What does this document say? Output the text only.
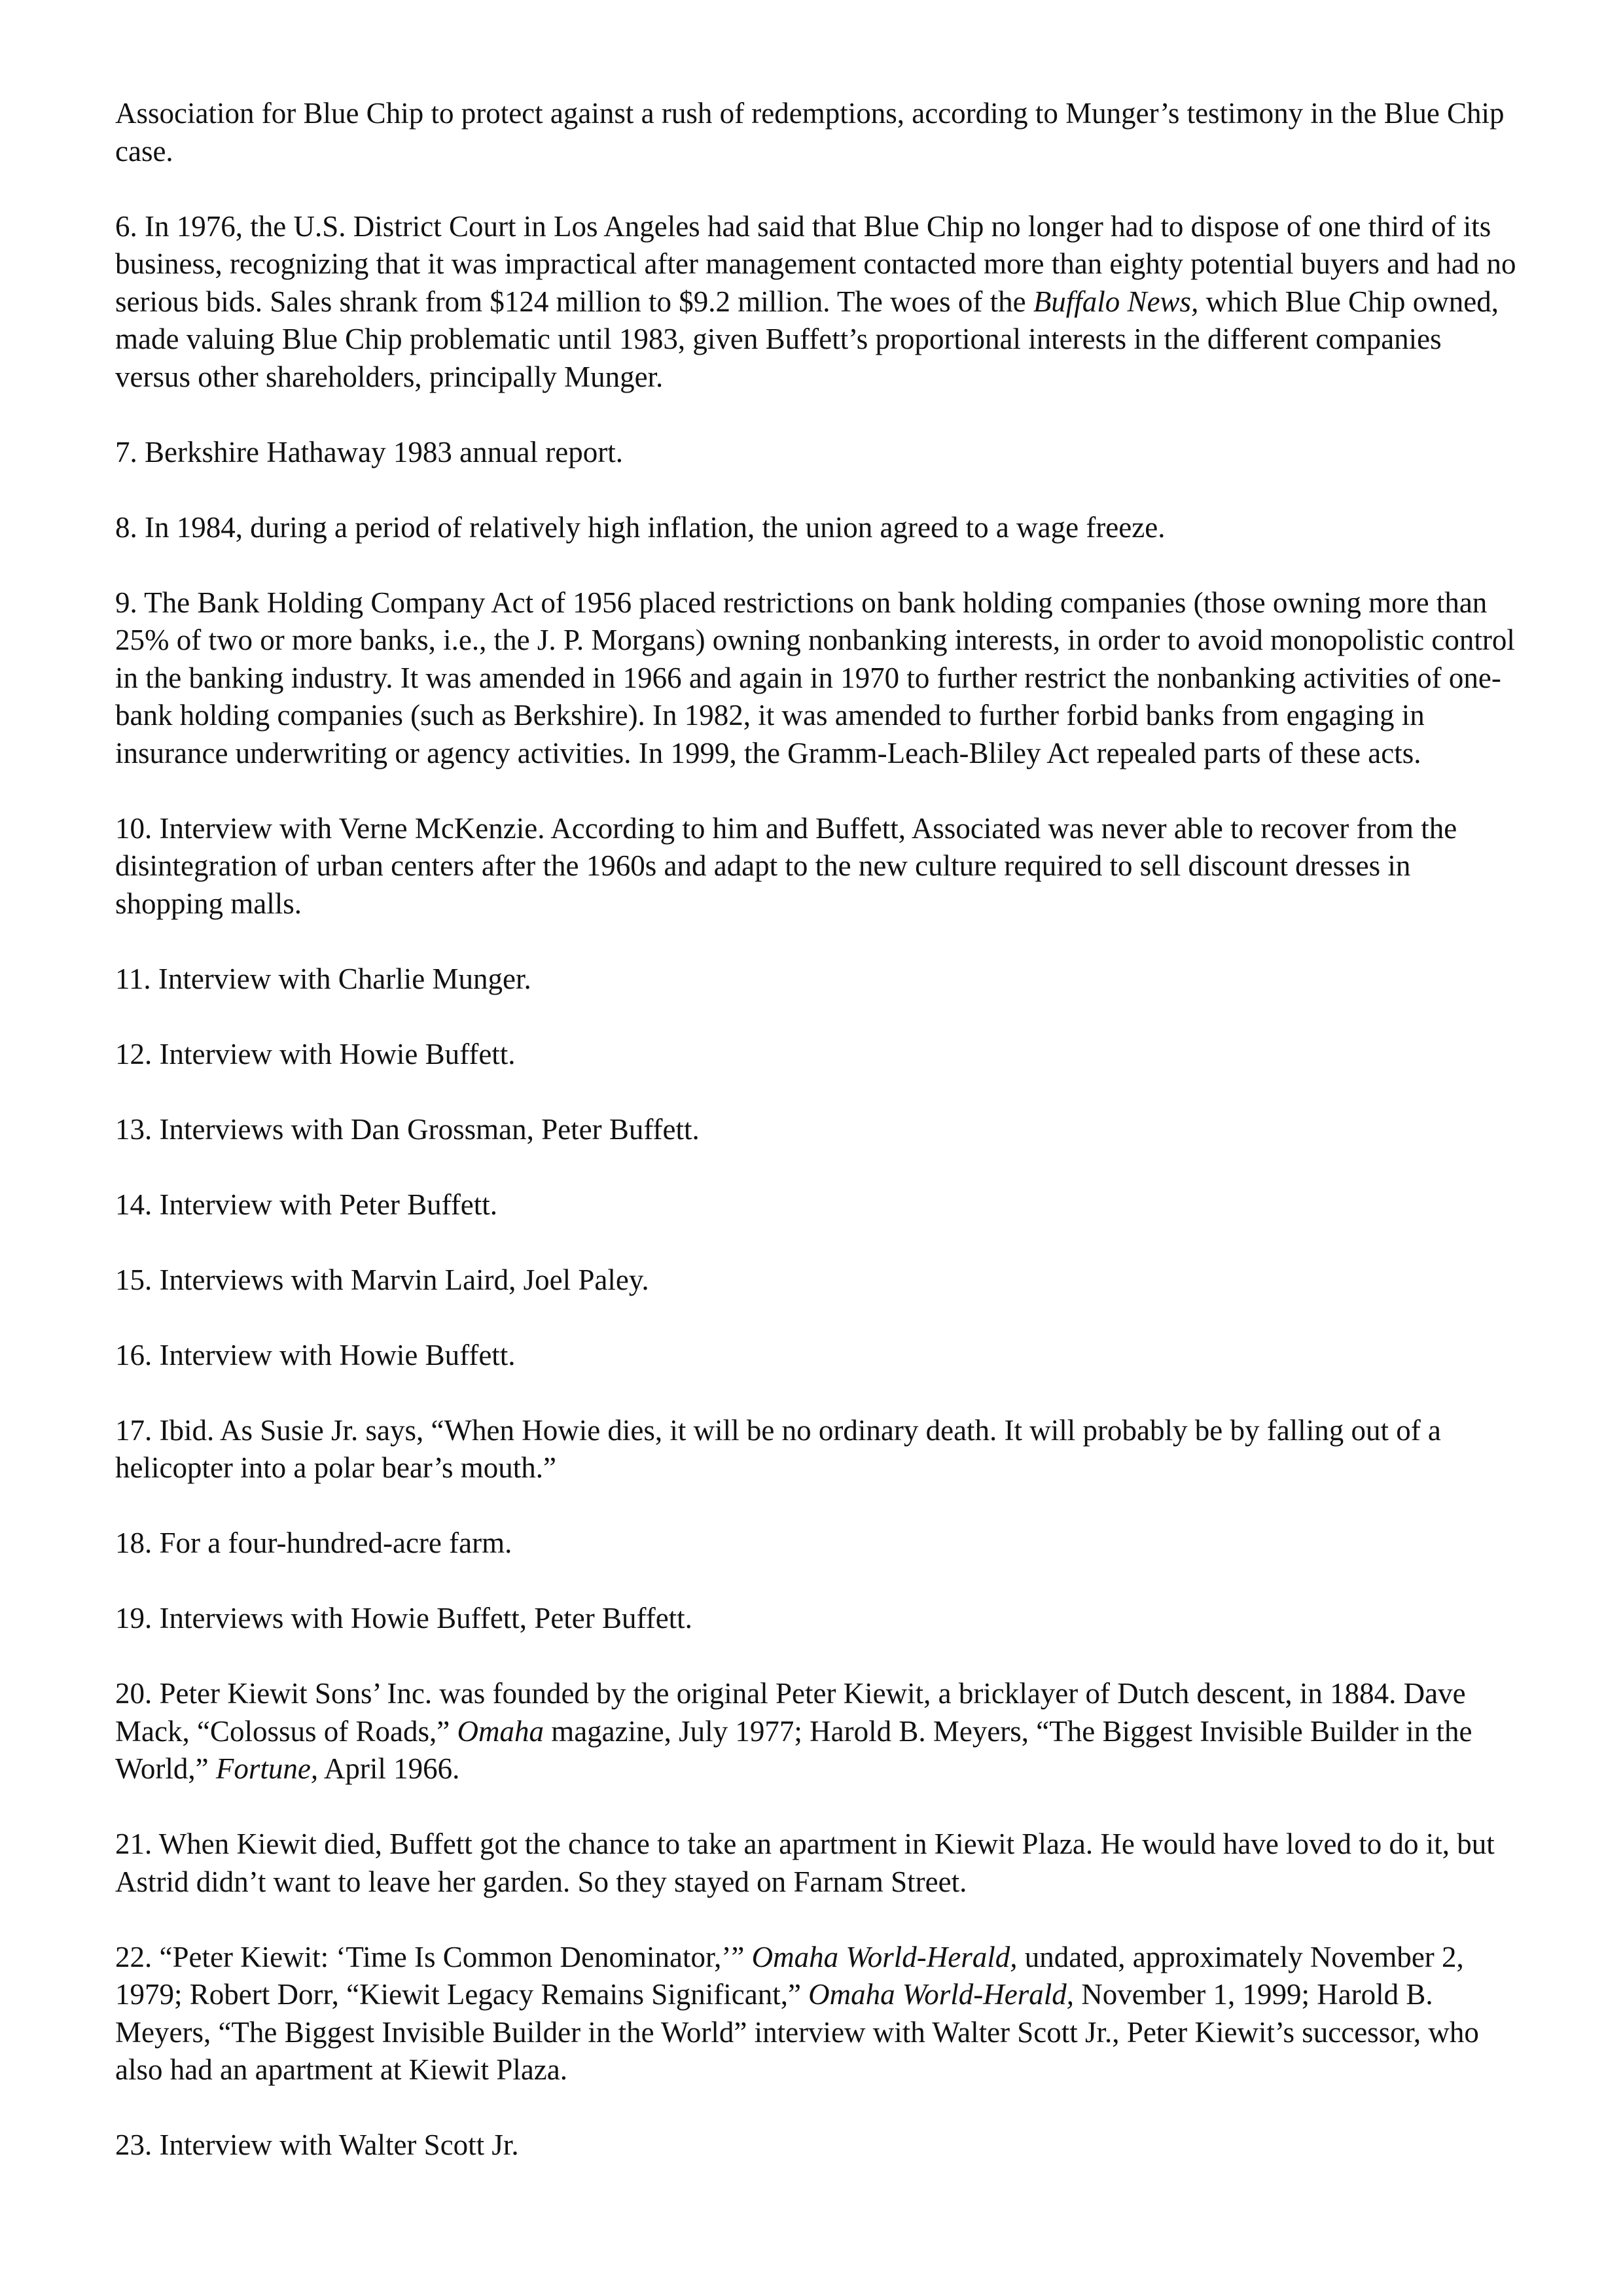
Association for Blue Chip to protect against a rush of redemptions, according to Munger’s testimony in the Blue Chip case.

6. In 1976, the U.S. District Court in Los Angeles had said that Blue Chip no longer had to dispose of one third of its business, recognizing that it was impractical after management contacted more than eighty potential buyers and had no serious bids. Sales shrank from $124 million to $9.2 million. The woes of the Buffalo News, which Blue Chip owned, made valuing Blue Chip problematic until 1983, given Buffett’s proportional interests in the different companies versus other shareholders, principally Munger.

7. Berkshire Hathaway 1983 annual report.

8. In 1984, during a period of relatively high inflation, the union agreed to a wage freeze.

9. The Bank Holding Company Act of 1956 placed restrictions on bank holding companies (those owning more than 25% of two or more banks, i.e., the J. P. Morgans) owning nonbanking interests, in order to avoid monopolistic control in the banking industry. It was amended in 1966 and again in 1970 to further restrict the nonbanking activities of one-bank holding companies (such as Berkshire). In 1982, it was amended to further forbid banks from engaging in insurance underwriting or agency activities. In 1999, the Gramm-Leach-Bliley Act repealed parts of these acts.

10. Interview with Verne McKenzie. According to him and Buffett, Associated was never able to recover from the disintegration of urban centers after the 1960s and adapt to the new culture required to sell discount dresses in shopping malls.

11. Interview with Charlie Munger.

12. Interview with Howie Buffett.

13. Interviews with Dan Grossman, Peter Buffett.

14. Interview with Peter Buffett.

15. Interviews with Marvin Laird, Joel Paley.

16. Interview with Howie Buffett.

17. Ibid. As Susie Jr. says, “When Howie dies, it will be no ordinary death. It will probably be by falling out of a helicopter into a polar bear’s mouth.”

18. For a four-hundred-acre farm.

19. Interviews with Howie Buffett, Peter Buffett.

20. Peter Kiewit Sons’ Inc. was founded by the original Peter Kiewit, a bricklayer of Dutch descent, in 1884. Dave Mack, “Colossus of Roads,” Omaha magazine, July 1977; Harold B. Meyers, “The Biggest Invisible Builder in the World,” Fortune, April 1966.

21. When Kiewit died, Buffett got the chance to take an apartment in Kiewit Plaza. He would have loved to do it, but Astrid didn’t want to leave her garden. So they stayed on Farnam Street.

22. “Peter Kiewit: ‘Time Is Common Denominator,’” Omaha World-Herald, undated, approximately November 2, 1979; Robert Dorr, “Kiewit Legacy Remains Significant,” Omaha World-Herald, November 1, 1999; Harold B. Meyers, “The Biggest Invisible Builder in the World” interview with Walter Scott Jr., Peter Kiewit’s successor, who also had an apartment at Kiewit Plaza.

23. Interview with Walter Scott Jr.
